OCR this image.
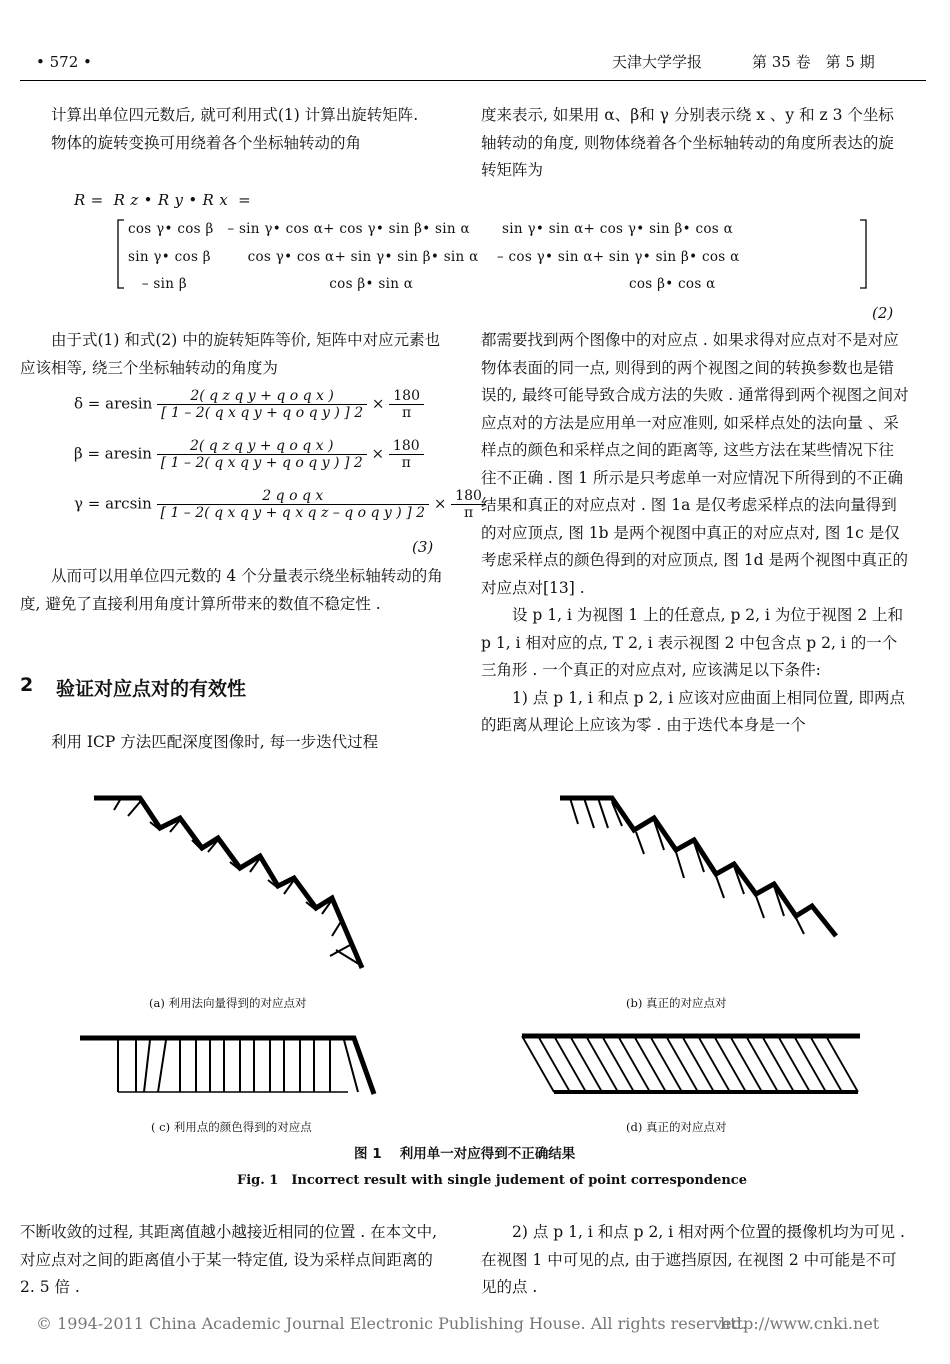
• 572 •	天津大学学报	第 35 卷　第 5 期
计算出单位四元数后, 就可利用式(1) 计算出旋转矩阵.
物体的旋转变换可用绕着各个坐标轴转动的角
度来表示, 如果用 α、β和 γ 分别表示绕 x 、y 和 z 3 个坐标轴转动的角度, 则物体绕着各个坐标轴转动的角度所表达的旋转矩阵为
R =  R z • R y • R x  =
cos γ• cos β   – sin γ• cos α+ cos γ• sin β• sin α       sin γ• sin α+ cos γ• sin β• cos α
sin γ• cos β        cos γ• cos α+ sin γ• sin β• sin α    – cos γ• sin α+ sin γ• sin β• cos α
– sin β                               cos β• sin α                                               cos β• cos α
(2)
由于式(1) 和式(2) 中的旋转矩阵等价, 矩阵中对应元素也应该相等, 绕三个坐标轴转动的角度为
δ = aresin $\frac{\text{2( q z q y + q o q x )}}{\text{[ 1 – 2( q x q y + q o q y ) ] 2}} \times \frac{180}{\pi}$
β = aresin $\frac{\text{2( q z q y + q o q x )}}{\text{[ 1 – 2( q x q y + q o q y ) ] 2}} \times \frac{180}{\pi}$
$\gamma = \arcsin \frac{\text{2 q o q x}}{\text{[ 1 – 2( q x q y + q x q z – q o q y ) ] 2}} \times \frac{180}{\pi}$
(3)
从而可以用单位四元数的 4 个分量表示绕坐标轴转动的角度, 避免了直接利用角度计算所带来的数值不稳定性 .
2 验证对应点对的有效性
利用 ICP 方法匹配深度图像时, 每一步迭代过程
都需要找到两个图像中的对应点 . 如果求得对应点对不是对应物体表面的同一点, 则得到的两个视图之间的转换参数也是错误的, 最终可能导致合成方法的失败 . 通常得到两个视图之间对应点对的方法是应用单一对应准则, 如采样点处的法向量 、采样点的颜色和采样点之间的距离等, 这些方法在某些情况下往往不正确 . 图 1 所示是只考虑单一对应情况下所得到的不正确结果和真正的对应点对 . 图 1a 是仅考虑采样点的法向量得到的对应顶点, 图 1b 是两个视图中真正的对应点对, 图 1c 是仅考虑采样点的颜色得到的对应顶点, 图 1d 是两个视图中真正的对应点对[13] .
设 p 1, i 为视图 1 上的任意点, p 2, i 为位于视图 2 上和 p 1, i 相对应的点, T 2, i 表示视图 2 中包含点 p 2, i 的一个三角形 . 一个真正的对应点对, 应该满足以下条件:
1) 点 p 1, i 和点 p 2, i 应该对应曲面上相同位置, 即两点的距离从理论上应该为零 . 由于迭代本身是一个
(a) 利用法向量得到的对应点对	(b) 真正的对应点对
( c) 利用点的颜色得到的对应点	(d) 真正的对应点对
图 1　 利用单一对应得到不正确结果
Fig. 1　Incorrect result with single judement of point correspondence
不断收敛的过程, 其距离值越小越接近相同的位置 . 在本文中, 对应点对之间的距离值小于某一特定值, 设为采样点间距离的 2. 5 倍 .
2) 点 p 1, i 和点 p 2, i 相对两个位置的摄像机均为可见 . 在视图 1 中可见的点, 由于遮挡原因, 在视图 2 中可能是不可见的点 .
© 1994-2011 China Academic Journal Electronic Publishing House. All rights reserved.
http://www.cnki.net
